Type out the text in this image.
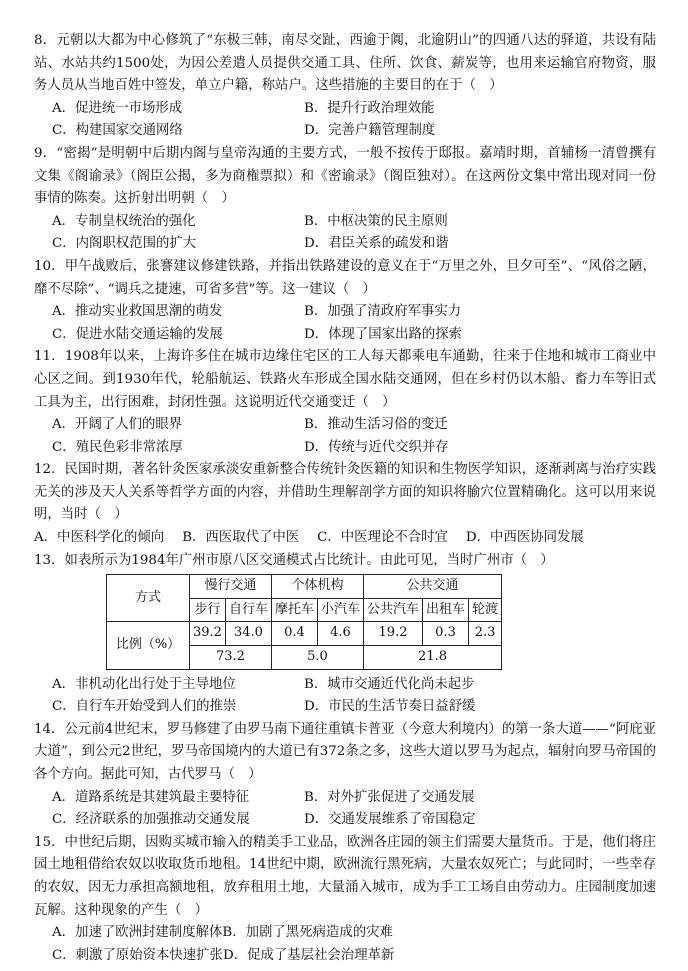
8．元朝以大都为中心修筑了“东极三韩，南尽交趾，西逾于阗，北逾阴山”的四通八达的驿道，共设有陆站、水站共约1500处，为因公差遣人员提供交通工具、住所、饮食、薪炭等，也用来运输官府物资，服务人员从当地百姓中签发，单立户籍，称站户。这些措施的主要目的在于（　）
A．促进统一市场形成	B．提升行政治理效能
C．构建国家交通网络	D．完善户籍管理制度
9．“密揭”是明朝中后期内阁与皇帝沟通的主要方式，一般不按传于邸报。嘉靖时期，首辅杨一清曾撰有文集《阁谕录》（阁臣公揭，多为商権票拟）和《密谕录》（阁臣独对）。在这两份文集中常出现对同一份事情的陈奏。这折射出明朝（　）
A．专制皇权统治的强化	B．中枢决策的民主原则
C．内阁职权范围的扩大	D．君臣关系的疏发和谐
10．甲午战败后，张謇建议修建铁路，并指出铁路建设的意义在于“万里之外，旦夕可至”、“风俗之陋，靡不尽除”、“调兵之捷速，可省多营”等。这一建议（　）
A．推动实业救国思潮的萌发	B．加强了清政府军事实力
C．促进水陆交通运输的发展	D．体现了国家出路的探索
11．1908年以来，上海许多住在城市边缘住宅区的工人每天都乘电车通勤，往来于住地和城市工商业中心区之间。到1930年代，轮船航运、铁路火车形成全国水陆交通网，但在乡村仍以木船、畜力车等旧式工具为主，出行困难，封闭性强。这说明近代交通变迁（　）
A．开阔了人们的眼界	B．推动生活习俗的变迁
C．殖民色彩非常浓厚	D．传统与近代交织并存
12．民国时期，著名针灸医家承淡安重新整合传统针灸医籍的知识和生物医学知识，逐渐剥离与治疗实践无关的涉及天人关系等哲学方面的内容，并借助生理解剖学方面的知识将腧穴位置精确化。这可以用来说明，当时（　）
A．中医科学化的倾向 B．西医取代了中医 C．中医理论不合时宜 D．中西医协同发展
13．如表所示为1984年广州市原八区交通模式占比统计。由此可见，当时广州市（　）
方式	慢行交通		个体机构		公共交通		
	步行	自行车	摩托车	小汽车	公共汽车	出租车	轮渡
比例（%）	39.2	34.0	0.4	4.6	19.2	0.3	2.3
	73.2		5.0		21.8		
A．非机动化出行处于主导地位	B．城市交通近代化尚未起步
C．自行车开始受到人们的推崇	D．市民的生活节奏日益舒缓
14．公元前4世纪末，罗马修建了由罗马南下通往重镇卡普亚（今意大利境内）的第一条大道——“阿庇亚大道”，到公元2世纪，罗马帝国境内的大道已有372条之多，这些大道以罗马为起点，辐射向罗马帝国的各个方向。据此可知，古代罗马（　）
A．道路系统是其建筑最主要特征	B．对外扩张促进了交通发展
C．经济联系的加强推动交通发展	D．交通发展维系了帝国稳定
15．中世纪后期，因购买城市输入的精美手工业品，欧洲各庄园的领主们需要大量货币。于是，他们将庄园土地租借给农奴以收取货币地租。14世纪中期，欧洲流行黑死病，大量农奴死亡；与此同时，一些幸存的农奴，因无力承担高额地租，放弃租用土地，大量涌入城市，成为手工工场自由劳动力。庄园制度加速瓦解。这种现象的产生（　）
A．加速了欧洲封建制度解体B．加剧了黑死病造成的灾难
C．刺激了原始资本快速扩张D．促成了基层社会治理革新
